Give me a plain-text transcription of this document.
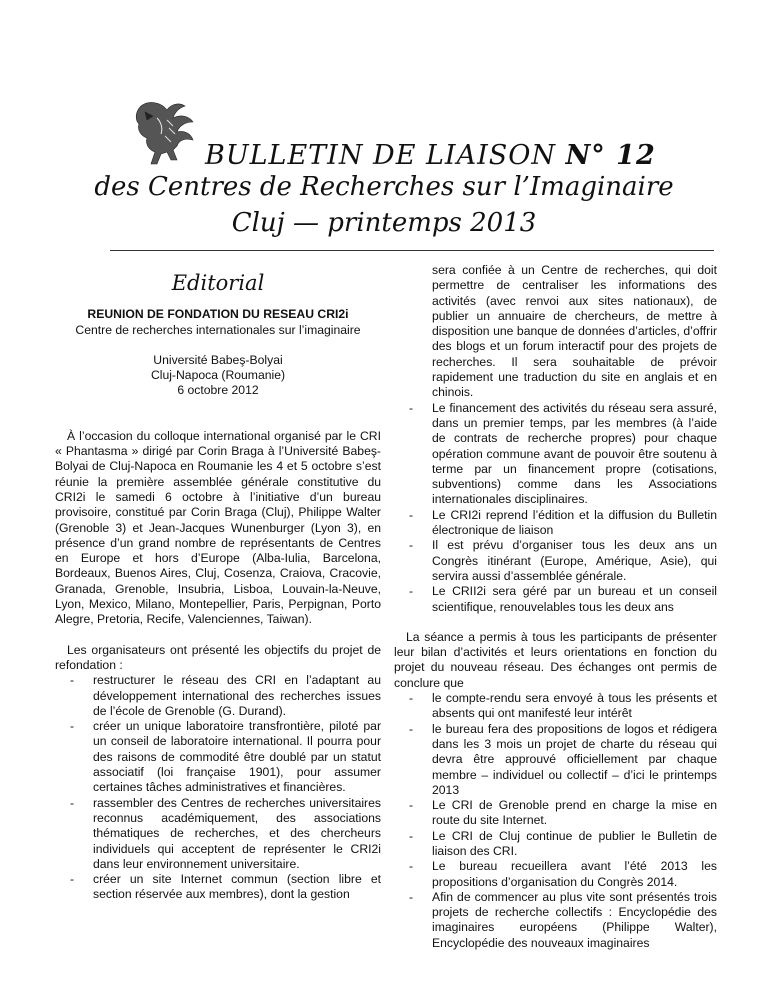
BULLETIN DE LIAISON N° 12
des Centres de Recherches sur l’Imaginaire
Cluj — printemps 2013
Editorial

REUNION DE FONDATION DU RESEAU CRI2i

Centre de recherches internationales sur l’imaginaire

Université Babeş-Bolyai

Cluj-Napoca (Roumanie)

6 octobre 2012

À l’occasion du colloque international organisé par le CRI « Phantasma » dirigé par Corin Braga à l’Université Babeş-Bolyai de Cluj-Napoca en Roumanie les 4 et 5 octobre s’est réunie la première assemblée générale constitutive du CRI2i le samedi 6 octobre à l’initiative d’un bureau provisoire, constitué par Corin Braga (Cluj), Philippe Walter (Grenoble 3) et Jean-Jacques Wunenburger (Lyon 3), en présence d’un grand nombre de représentants de Centres en Europe et hors d’Europe (Alba-Iulia, Barcelona, Bordeaux, Buenos Aires, Cluj, Cosenza, Craiova, Cracovie, Granada, Grenoble, Insubria, Lisboa, Louvain-la-Neuve, Lyon, Mexico, Milano, Montepellier, Paris, Perpignan, Porto Alegre, Pretoria, Recife, Valenciennes, Taiwan).

Les organisateurs ont présenté les objectifs du projet de refondation :

- restructurer le réseau des CRI en l’adaptant au développement international des recherches issues de l’école de Grenoble (G. Durand).
- créer un unique laboratoire transfrontière, piloté par un conseil de laboratoire international. Il pourra pour des raisons de commodité être doublé par un statut associatif (loi française 1901), pour assumer certaines tâches administratives et financières.
- rassembler des Centres de recherches universitaires reconnus académiquement, des associations thématiques de recherches, et des chercheurs individuels qui acceptent de représenter le CRI2i dans leur environnement universitaire.
- créer un site Internet commun (section libre et section réservée aux membres), dont la gestion

sera confiée à un Centre de recherches, qui doit permettre de centraliser les informations des activités (avec renvoi aux sites nationaux), de publier un annuaire de chercheurs, de mettre à disposition une banque de données d’articles, d’offrir des blogs et un forum interactif pour des projets de recherches. Il sera souhaitable de prévoir rapidement une traduction du site en anglais et en chinois.

- Le financement des activités du réseau sera assuré, dans un premier temps, par les membres (à l’aide de contrats de recherche propres) pour chaque opération commune avant de pouvoir être soutenu à terme par un financement propre (cotisations, subventions) comme dans les Associations internationales disciplinaires.
- Le CRI2i reprend l’édition et la diffusion du Bulletin électronique de liaison
- Il est prévu d’organiser tous les deux ans un Congrès itinérant (Europe, Amérique, Asie), qui servira aussi d’assemblée générale.
- Le CRII2i sera géré par un bureau et un conseil scientifique, renouvelables tous les deux ans

La séance a permis à tous les participants de présenter leur bilan d’activités et leurs orientations en fonction du projet du nouveau réseau. Des échanges ont permis de conclure que

- le compte-rendu sera envoyé à tous les présents et absents qui ont manifesté leur intérêt
- le bureau fera des propositions de logos et rédigera dans les 3 mois un projet de charte du réseau qui devra être approuvé officiellement par chaque membre – individuel ou collectif – d’ici le printemps 2013
- Le CRI de Grenoble prend en charge la mise en route du site Internet.
- Le CRI de Cluj continue de publier le Bulletin de liaison des CRI.
- Le bureau recueillera avant l’été 2013 les propositions d’organisation du Congrès 2014.
- Afin de commencer au plus vite sont présentés trois projets de recherche collectifs : Encyclopédie des imaginaires européens (Philippe Walter), Encyclopédie des nouveaux imaginaires
